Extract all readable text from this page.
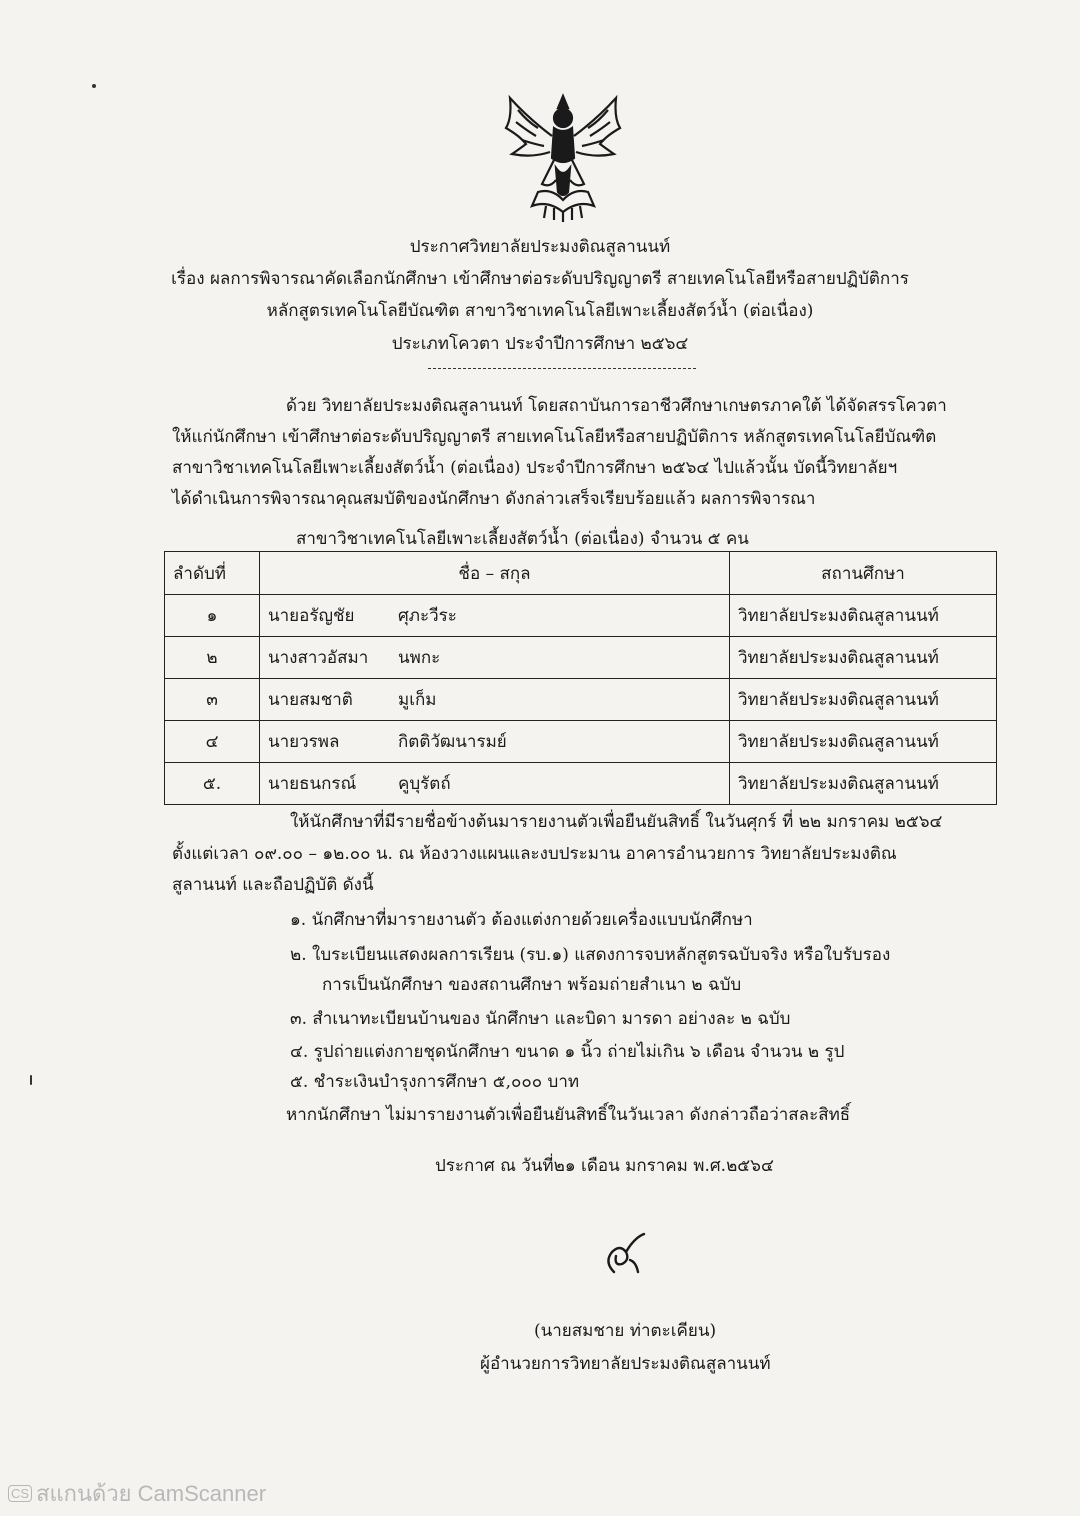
ประกาศวิทยาลัยประมงติณสูลานนท์
เรื่อง ผลการพิจารณาคัดเลือกนักศึกษา เข้าศึกษาต่อระดับปริญญาตรี สายเทคโนโลยีหรือสายปฏิบัติการ
หลักสูตรเทคโนโลยีบัณฑิต สาขาวิชาเทคโนโลยีเพาะเลี้ยงสัตว์น้ำ (ต่อเนื่อง)
ประเภทโควตา ประจำปีการศึกษา ๒๕๖๔
ด้วย วิทยาลัยประมงติณสูลานนท์ โดยสถาบันการอาชีวศึกษาเกษตรภาคใต้ ได้จัดสรรโควตา
ให้แก่นักศึกษา เข้าศึกษาต่อระดับปริญญาตรี สายเทคโนโลยีหรือสายปฏิบัติการ หลักสูตรเทคโนโลยีบัณฑิต
สาขาวิชาเทคโนโลยีเพาะเลี้ยงสัตว์น้ำ (ต่อเนื่อง) ประจำปีการศึกษา ๒๕๖๔ ไปแล้วนั้น บัดนี้วิทยาลัยฯ
ได้ดำเนินการพิจารณาคุณสมบัติของนักศึกษา ดังกล่าวเสร็จเรียบร้อยแล้ว ผลการพิจารณา
สาขาวิชาเทคโนโลยีเพาะเลี้ยงสัตว์น้ำ (ต่อเนื่อง) จำนวน ๕ คน
ลำดับที่	ชื่อ – สกุล	สถานศึกษา
๑	นายอรัญชัย ศุภะวีระ	วิทยาลัยประมงติณสูลานนท์
๒	นางสาวอัสมา นพกะ	วิทยาลัยประมงติณสูลานนท์
๓	นายสมชาติ มูเก็ม	วิทยาลัยประมงติณสูลานนท์
๔	นายวรพล กิตติวัฒนารมย์	วิทยาลัยประมงติณสูลานนท์
๕.	นายธนกรณ์ คูบุรัตถ์	วิทยาลัยประมงติณสูลานนท์
ให้นักศึกษาที่มีรายชื่อข้างต้นมารายงานตัวเพื่อยืนยันสิทธิ์ ในวันศุกร์ ที่ ๒๒ มกราคม ๒๕๖๔
ตั้งแต่เวลา ๐๙.๐๐ – ๑๒.๐๐ น. ณ ห้องวางแผนและงบประมาน อาคารอำนวยการ วิทยาลัยประมงติณ
สูลานนท์ และถือปฏิบัติ ดังนี้
๑. นักศึกษาที่มารายงานตัว ต้องแต่งกายด้วยเครื่องแบบนักศึกษา
๒. ใบระเบียนแสดงผลการเรียน (รบ.๑) แสดงการจบหลักสูตรฉบับจริง หรือใบรับรอง
การเป็นนักศึกษา ของสถานศึกษา พร้อมถ่ายสำเนา ๒ ฉบับ
๓. สำเนาทะเบียนบ้านของ นักศึกษา และบิดา มารดา อย่างละ ๒ ฉบับ
๔. รูปถ่ายแต่งกายชุดนักศึกษา ขนาด ๑ นิ้ว ถ่ายไม่เกิน ๖ เดือน จำนวน ๒ รูป
๕. ชำระเงินบำรุงการศึกษา ๕,๐๐๐ บาท
หากนักศึกษา ไม่มารายงานตัวเพื่อยืนยันสิทธิ์ในวันเวลา ดังกล่าวถือว่าสละสิทธิ์
ประกาศ ณ วันที่๒๑ เดือน มกราคม พ.ศ.๒๕๖๔
(นายสมชาย ท่าตะเคียน)
ผู้อำนวยการวิทยาลัยประมงติณสูลานนท์
CS สแกนด้วย CamScanner
